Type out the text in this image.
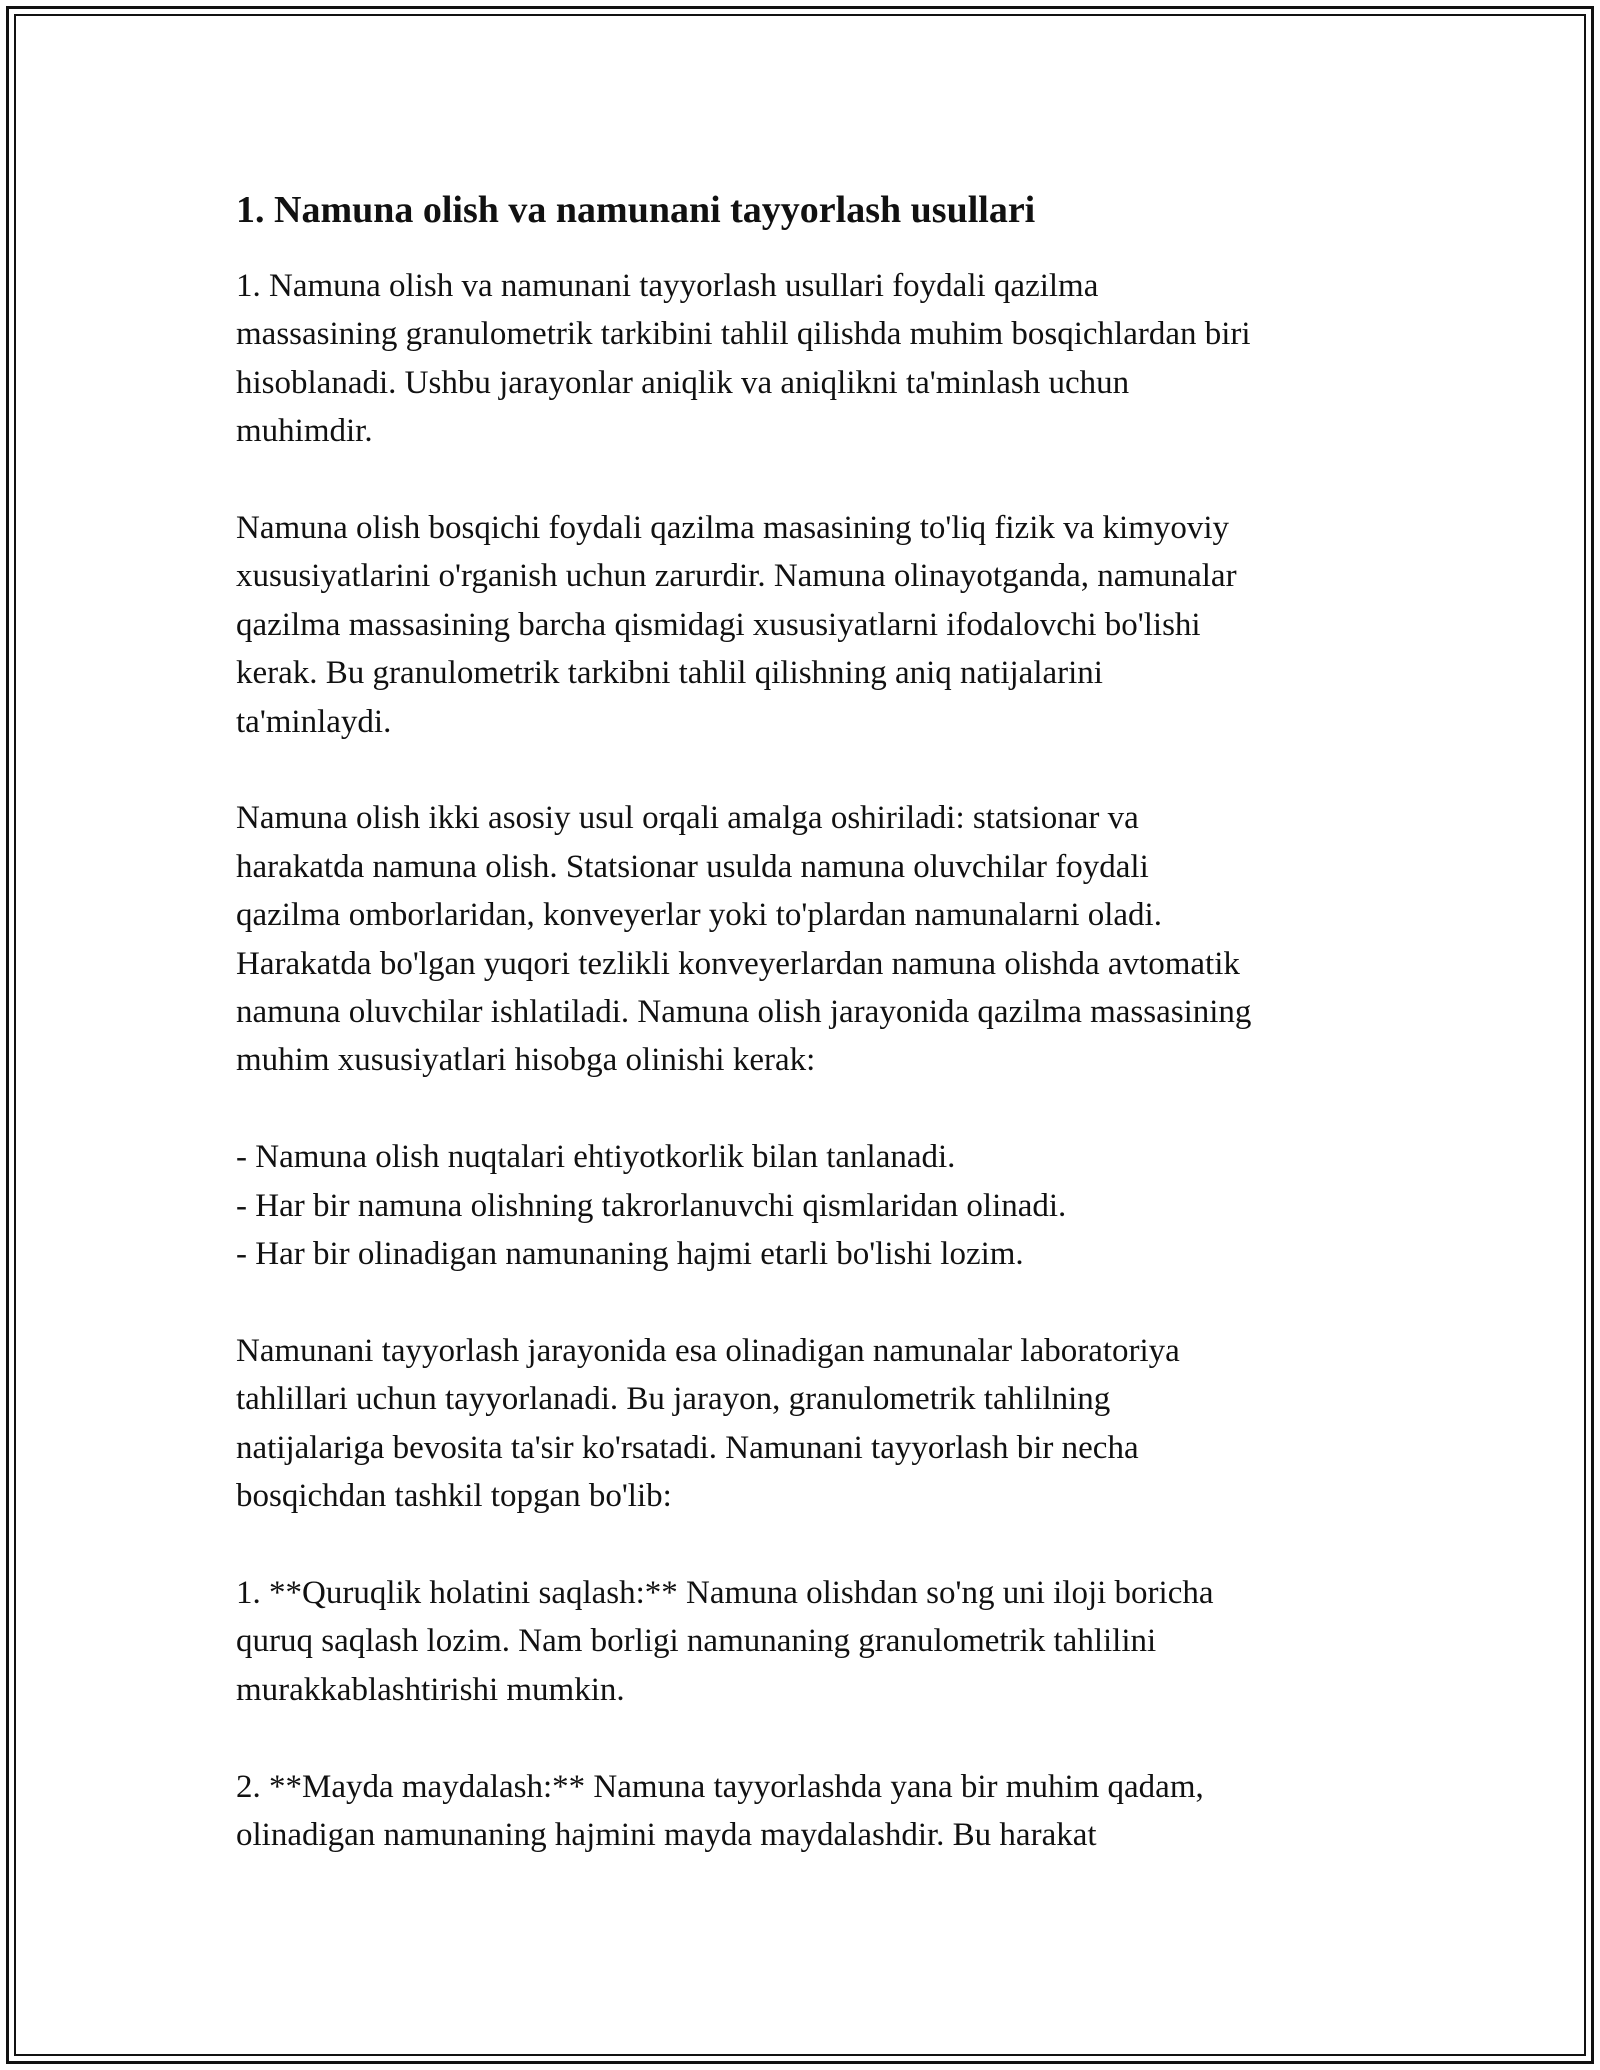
1. Namuna olish va namunani tayyorlash usullari

1. Namuna olish va namunani tayyorlash usullari foydali qazilma
massasining granulometrik tarkibini tahlil qilishda muhim bosqichlardan biri
hisoblanadi. Ushbu jarayonlar aniqlik va aniqlikni ta'minlash uchun
muhimdir.

Namuna olish bosqichi foydali qazilma masasining to'liq fizik va kimyoviy
xususiyatlarini o'rganish uchun zarurdir. Namuna olinayotganda, namunalar
qazilma massasining barcha qismidagi xususiyatlarni ifodalovchi bo'lishi
kerak. Bu granulometrik tarkibni tahlil qilishning aniq natijalarini
ta'minlaydi.

Namuna olish ikki asosiy usul orqali amalga oshiriladi: statsionar va
harakatda namuna olish. Statsionar usulda namuna oluvchilar foydali
qazilma omborlaridan, konveyerlar yoki to'plardan namunalarni oladi.
Harakatda bo'lgan yuqori tezlikli konveyerlardan namuna olishda avtomatik
namuna oluvchilar ishlatiladi. Namuna olish jarayonida qazilma massasining
muhim xususiyatlari hisobga olinishi kerak:

- Namuna olish nuqtalari ehtiyotkorlik bilan tanlanadi.
- Har bir namuna olishning takrorlanuvchi qismlaridan olinadi.
- Har bir olinadigan namunaning hajmi etarli bo'lishi lozim.

Namunani tayyorlash jarayonida esa olinadigan namunalar laboratoriya
tahlillari uchun tayyorlanadi. Bu jarayon, granulometrik tahlilning
natijalariga bevosita ta'sir ko'rsatadi. Namunani tayyorlash bir necha
bosqichdan tashkil topgan bo'lib:

1. **Quruqlik holatini saqlash:** Namuna olishdan so'ng uni iloji boricha
quruq saqlash lozim. Nam borligi namunaning granulometrik tahlilini
murakkablashtirishi mumkin.

2. **Mayda maydalash:** Namuna tayyorlashda yana bir muhim qadam,
olinadigan namunaning hajmini mayda maydalashdir. Bu harakat
